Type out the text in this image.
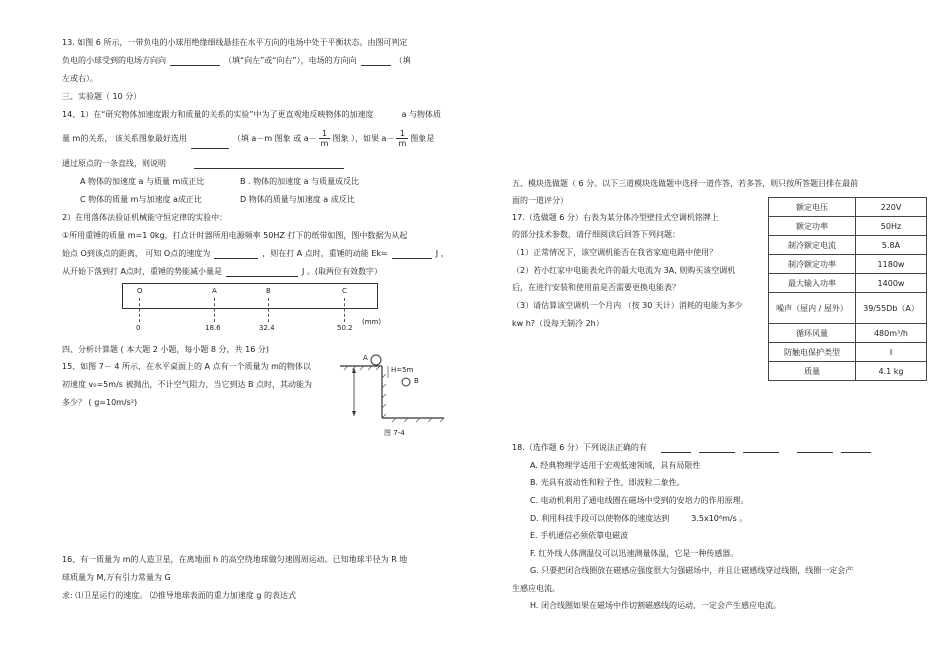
13. 如图 6 所示，一带负电的小球用绝缘细线悬挂在水平方向的电场中处于平衡状态。由图可判定
负电的小球受到的电场方向向	（填“向左”或“向右”），电场的方向向	（填
左或右）。
三、实验题（ 10 分）
14、1）在“研究物体加速度跟力和质量的关系的实验”中为了更直观地反映物体的加速度	a 与物体质
量 m的关系， 该关系图象最好选用	（填 a－m 图象 或 $a- \frac{1}{m}$ 图象 ），如果 $a- \frac{1}{m}$ 图象是
通过原点的一条直线，则说明
A 物体的加速度 a 与质量 m成正比	B . 物体的加速度 a 与质量成反比
C 物体的质量 m与加速度 a成正比	D 物体的质量与加速度 a 成反比
2）在用落体法验证机械能守恒定律的实验中：
①所用重锤的质量 m=1 0kg，打点计时器所用电源频率 50HZ 打下的纸带如图，图中数据为从起
始点 O到该点的距离， 可知 O点的速度为	，则在打 A 点时，重锤的动能 Ek=	J ，
从开始下落到打 A点时，重锤的势能减小量是	J 。(取两位有效数字）
O	A	B	C
0	18.6	32.4	50.2
(mm)
四、分析计算题 ( 本大题 2 小题，每小题 8 分，共 16 分)
15、如图 7－ 4 所示，在水平桌面上的 A 点有一个质量为 m的物体以
初速度 v₀=5m/s 被抛出，不计空气阻力，当它到达 B 点时，其动能为
多少？ ( g=10m/s²)
A
H=5m
B
图 7-4
16、有一质量为 m的人造卫星，在离地面 h 的高空绕地球做匀速圆周运动。已知地球半径为 R 地
球质量为 M,万有引力常量为 G
求: ⑴卫星运行的速度。 ⑵推导地球表面的重力加速度 g 的表达式
五、模块选做题（ 6 分。以下三道模块选做题中选择一道作答，若多答，则只按所答题目排在最前
面的一道评分）
17.（选做题 6 分）右表为某分体冷型壁挂式空调机铭牌上
的部分技术参数，请仔细阅读后回答下列问题：
（1）正常情况下，该空调机能否在我省家庭电路中使用？
（2）若小红家中电能表允许的最大电流为 3A, 则购买该空调机
后，在进行安装和使用前是否需要更换电能表？
（3）请估算该空调机一个月内 （按 30 天计）消耗的电能为多少
kw h?（设每天制冷 2h）
额定电压	220V
额定功率	50Hz
制冷额定电流	5.8A
制冷额定功率	1180w
最大输入功率	1400w
噪声（屋内 / 屋外）	39/55Db（A）
循环风量	480m³/h
防触电保护类型	Ⅰ
质量	4.1 kg
18.（选作题 6 分）下列说法正确的有
A. 经典物理学适用于宏观低速领域，具有局限性
B. 光具有波动性和粒子性，即波粒二象性。
C. 电动机利用了通电线圈在磁场中受到的安培力的作用原理。
D. 利用科技手段可以使物体的速度达到	3.5x10⁸m/s 。
E. 手机通信必须依靠电磁波
F. 红外线人体测温仪可以迅速测量体温，它是一种传感器。
G. 只要把闭合线圈放在磁感应强度很大匀强磁场中，并且让磁感线穿过线圈，线圈一定会产
生感应电流。
H. 闭合线圈如果在磁场中作切割磁感线的运动，一定会产生感应电流。
